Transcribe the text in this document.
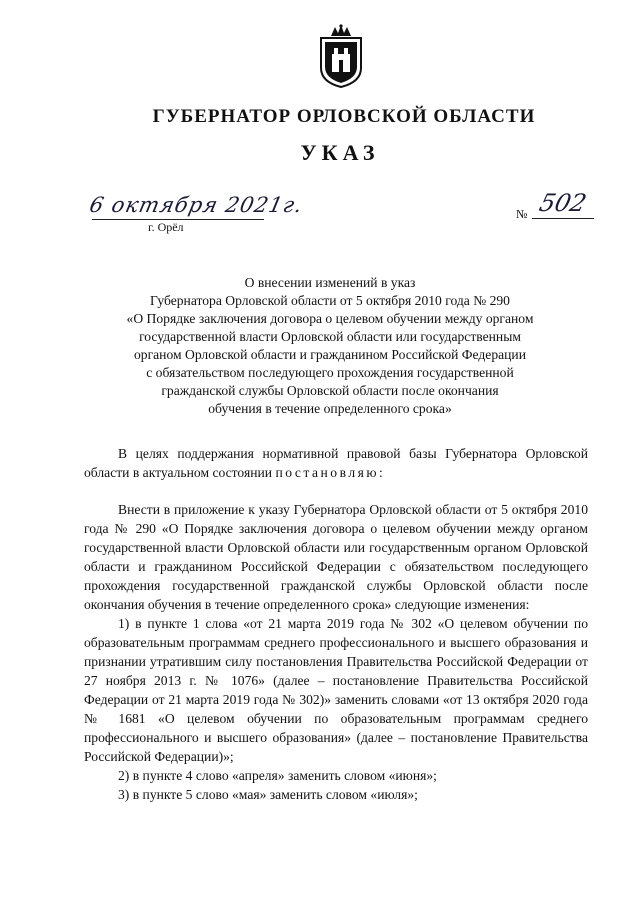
ГУБЕРНАТОР ОРЛОВСКОЙ ОБЛАСТИ
УКАЗ
6 октября 2021г.
г. Орёл
№ 502
О внесении изменений в указ
Губернатора Орловской области от 5 октября 2010 года № 290
«О Порядке заключения договора о целевом обучении между органом
государственной власти Орловской области или государственным
органом Орловской области и гражданином Российской Федерации
с обязательством последующего прохождения государственной
гражданской службы Орловской области после окончания
обучения в течение определенного срока»

В целях поддержания нормативной правовой базы Губернатора Орловской области в актуальном состоянии постановляю:

Внести в приложение к указу Губернатора Орловской области от 5 октября 2010 года № 290 «О Порядке заключения договора о целевом обучении между органом государственной власти Орловской области или государственным органом Орловской области и гражданином Российской Федерации с обязательством последующего прохождения государственной гражданской службы Орловской области после окончания обучения в течение определенного срока» следующие изменения:

1) в пункте 1 слова «от 21 марта 2019 года № 302 «О целевом обучении по образовательным программам среднего профессионального и высшего образования и признании утратившим силу постановления Правительства Российской Федерации от 27 ноября 2013 г. № 1076» (далее – постановление Правительства Российской Федерации от 21 марта 2019 года № 302)» заменить словами «от 13 октября 2020 года № 1681 «О целевом обучении по образовательным программам среднего профессионального и высшего образования» (далее – постановление Правительства Российской Федерации)»;

2) в пункте 4 слово «апреля» заменить словом «июня»;

3) в пункте 5 слово «мая» заменить словом «июля»;
